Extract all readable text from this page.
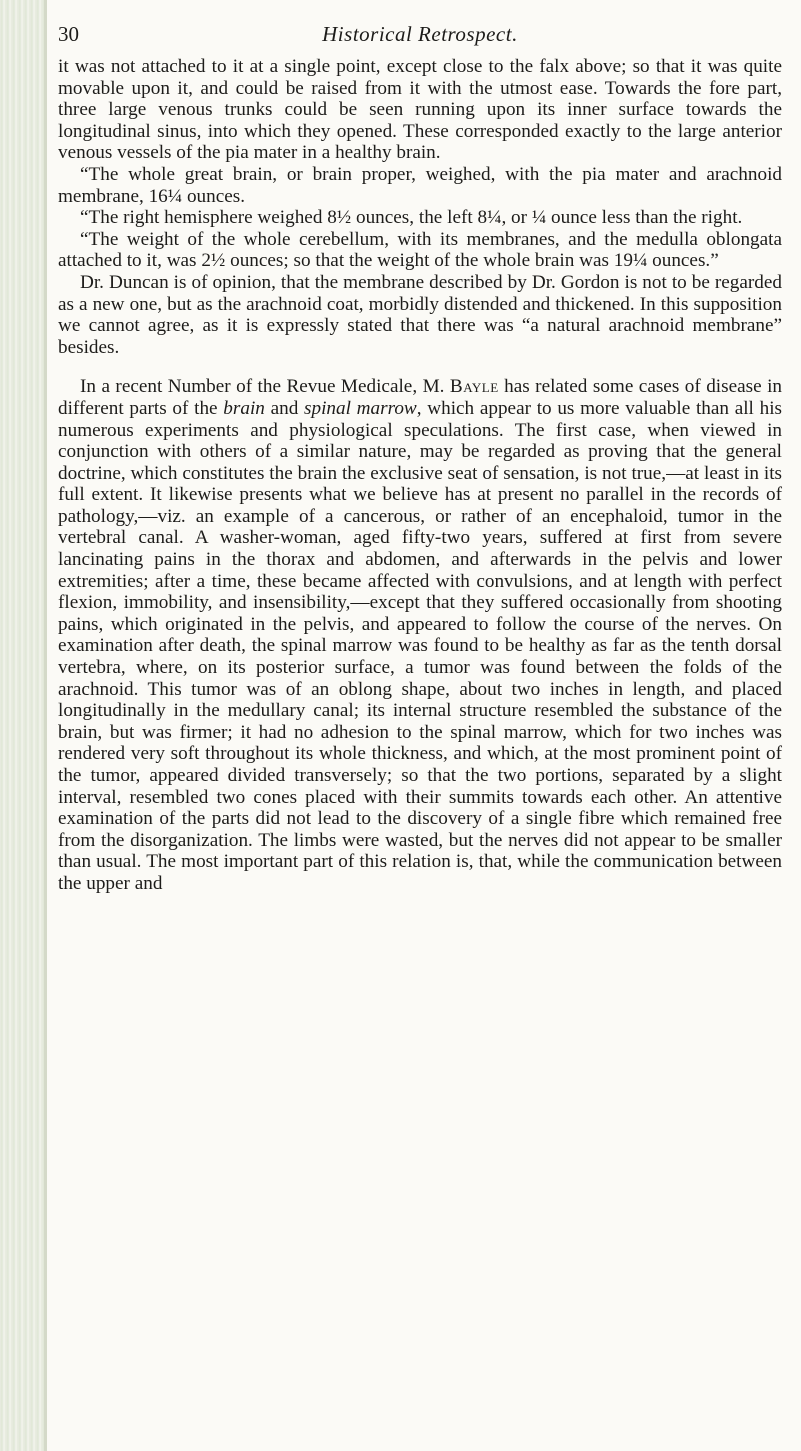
30	Historical Retrospect.

it was not attached to it at a single point, except close to the falx above; so that it was quite movable upon it, and could be raised from it with the utmost ease. Towards the fore part, three large venous trunks could be seen running upon its inner surface towards the longitudinal sinus, into which they opened. These corresponded exactly to the large anterior venous vessels of the pia mater in a healthy brain.

“The whole great brain, or brain proper, weighed, with the pia mater and arachnoid membrane, 16¼ ounces.

“The right hemisphere weighed 8½ ounces, the left 8¼, or ¼ ounce less than the right.

“The weight of the whole cerebellum, with its membranes, and the medulla oblongata attached to it, was 2½ ounces; so that the weight of the whole brain was 19¼ ounces.”

Dr. Duncan is of opinion, that the membrane described by Dr. Gordon is not to be regarded as a new one, but as the arachnoid coat, morbidly distended and thickened. In this supposition we cannot agree, as it is expressly stated that there was “a natural arachnoid membrane” besides.

In a recent Number of the Revue Medicale, M. Bayle has related some cases of disease in different parts of the brain and spinal marrow, which appear to us more valuable than all his numerous experiments and physiological speculations. The first case, when viewed in conjunction with others of a similar nature, may be regarded as proving that the general doctrine, which constitutes the brain the exclusive seat of sensation, is not true,—at least in its full extent. It likewise presents what we believe has at present no parallel in the records of pathology,—viz. an example of a cancerous, or rather of an encephaloid, tumor in the vertebral canal. A washer-woman, aged fifty-two years, suffered at first from severe lancinating pains in the thorax and abdomen, and afterwards in the pelvis and lower extremities; after a time, these became affected with convulsions, and at length with perfect flexion, immobility, and insensibility,—except that they suffered occasionally from shooting pains, which originated in the pelvis, and appeared to follow the course of the nerves. On examination after death, the spinal marrow was found to be healthy as far as the tenth dorsal vertebra, where, on its posterior surface, a tumor was found between the folds of the arachnoid. This tumor was of an oblong shape, about two inches in length, and placed longitudinally in the medullary canal; its internal structure resembled the substance of the brain, but was firmer; it had no adhesion to the spinal marrow, which for two inches was rendered very soft throughout its whole thickness, and which, at the most prominent point of the tumor, appeared divided transversely; so that the two portions, separated by a slight interval, resembled two cones placed with their summits towards each other. An attentive examination of the parts did not lead to the discovery of a single fibre which remained free from the disorganization. The limbs were wasted, but the nerves did not appear to be smaller than usual. The most important part of this relation is, that, while the communication between the upper and
